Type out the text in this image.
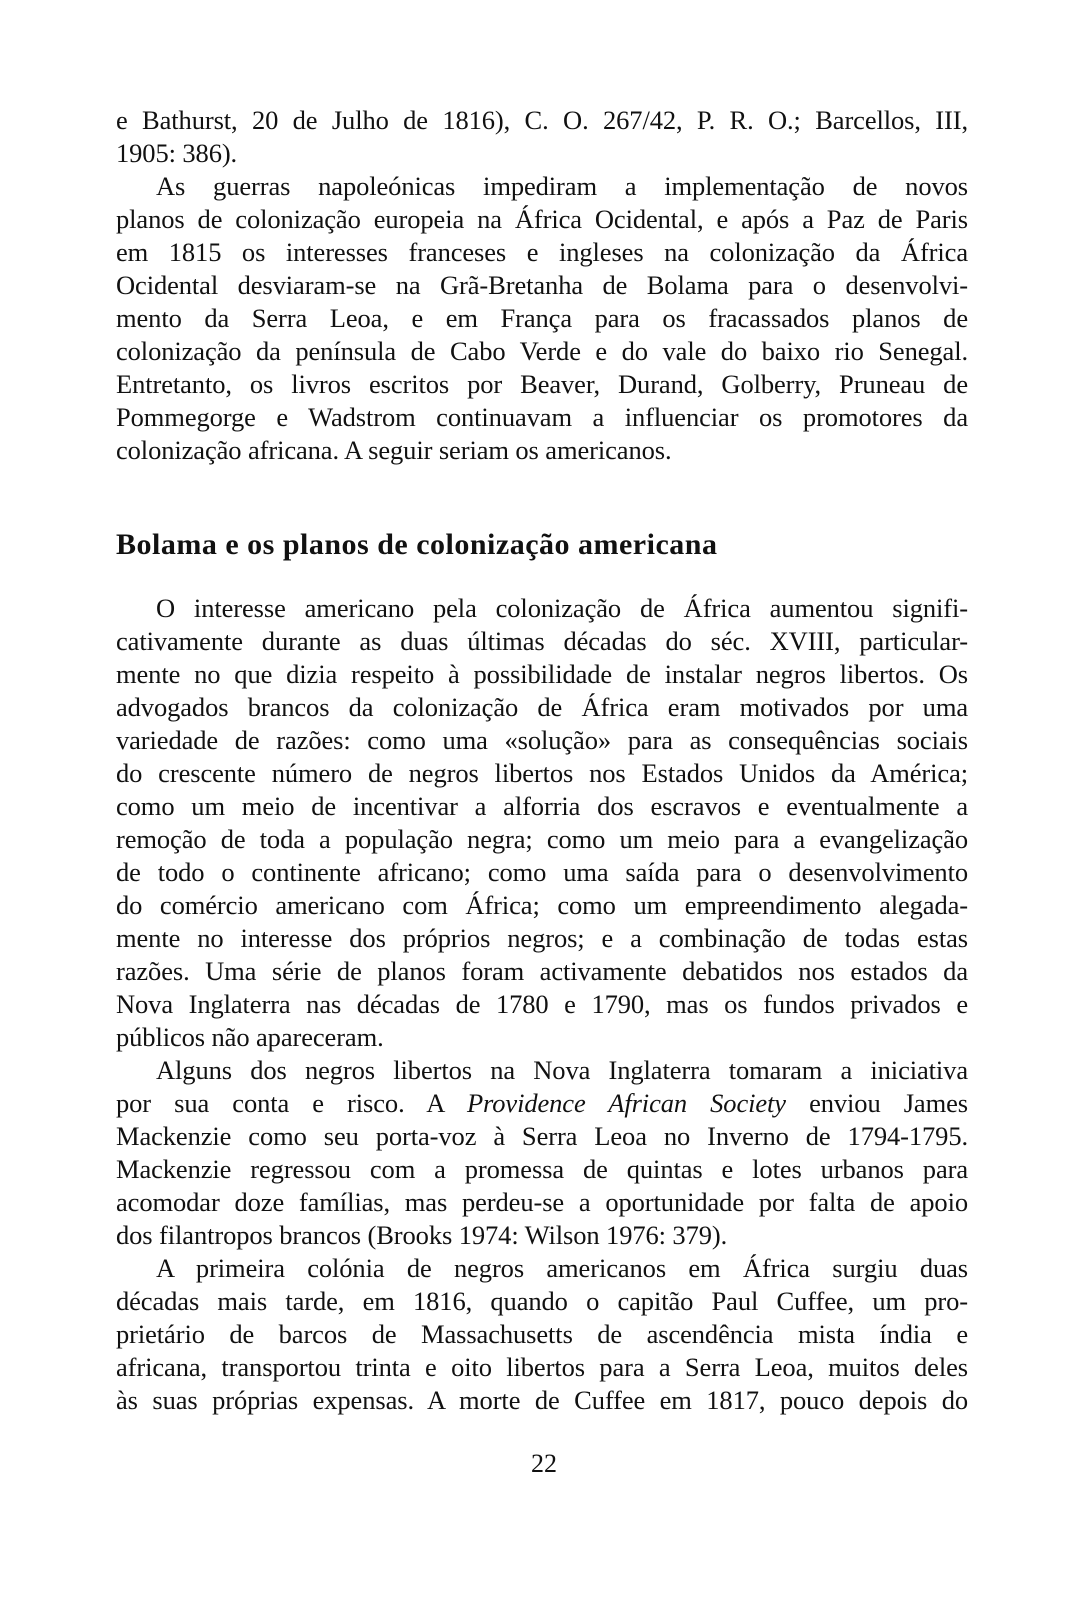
e Bathurst, 20 de Julho de 1816), C. O. 267/42, P. R. O.; Barcellos, III,
1905: 386).
As guerras napoleónicas impediram a implementação de novos
planos de colonização europeia na África Ocidental, e após a Paz de Paris
em 1815 os interesses franceses e ingleses na colonização da África
Ocidental desviaram-se na Grã-Bretanha de Bolama para o desenvolvi-
mento da Serra Leoa, e em França para os fracassados planos de
colonização da península de Cabo Verde e do vale do baixo rio Senegal.
Entretanto, os livros escritos por Beaver, Durand, Golberry, Pruneau de
Pommegorge e Wadstrom continuavam a influenciar os promotores da
colonização africana. A seguir seriam os americanos.
Bolama e os planos de colonização americana
O interesse americano pela colonização de África aumentou signifi-
cativamente durante as duas últimas décadas do séc. XVIII, particular-
mente no que dizia respeito à possibilidade de instalar negros libertos. Os
advogados brancos da colonização de África eram motivados por uma
variedade de razões: como uma «solução» para as consequências sociais
do crescente número de negros libertos nos Estados Unidos da América;
como um meio de incentivar a alforria dos escravos e eventualmente a
remoção de toda a população negra; como um meio para a evangelização
de todo o continente africano; como uma saída para o desenvolvimento
do comércio americano com África; como um empreendimento alegada-
mente no interesse dos próprios negros; e a combinação de todas estas
razões. Uma série de planos foram activamente debatidos nos estados da
Nova Inglaterra nas décadas de 1780 e 1790, mas os fundos privados e
públicos não apareceram.
Alguns dos negros libertos na Nova Inglaterra tomaram a iniciativa
por sua conta e risco. A Providence African Society enviou James
Mackenzie como seu porta-voz à Serra Leoa no Inverno de 1794-1795.
Mackenzie regressou com a promessa de quintas e lotes urbanos para
acomodar doze famílias, mas perdeu-se a oportunidade por falta de apoio
dos filantropos brancos (Brooks 1974: Wilson 1976: 379).
A primeira colónia de negros americanos em África surgiu duas
décadas mais tarde, em 1816, quando o capitão Paul Cuffee, um pro-
prietário de barcos de Massachusetts de ascendência mista índia e
africana, transportou trinta e oito libertos para a Serra Leoa, muitos deles
às suas próprias expensas. A morte de Cuffee em 1817, pouco depois do
22
